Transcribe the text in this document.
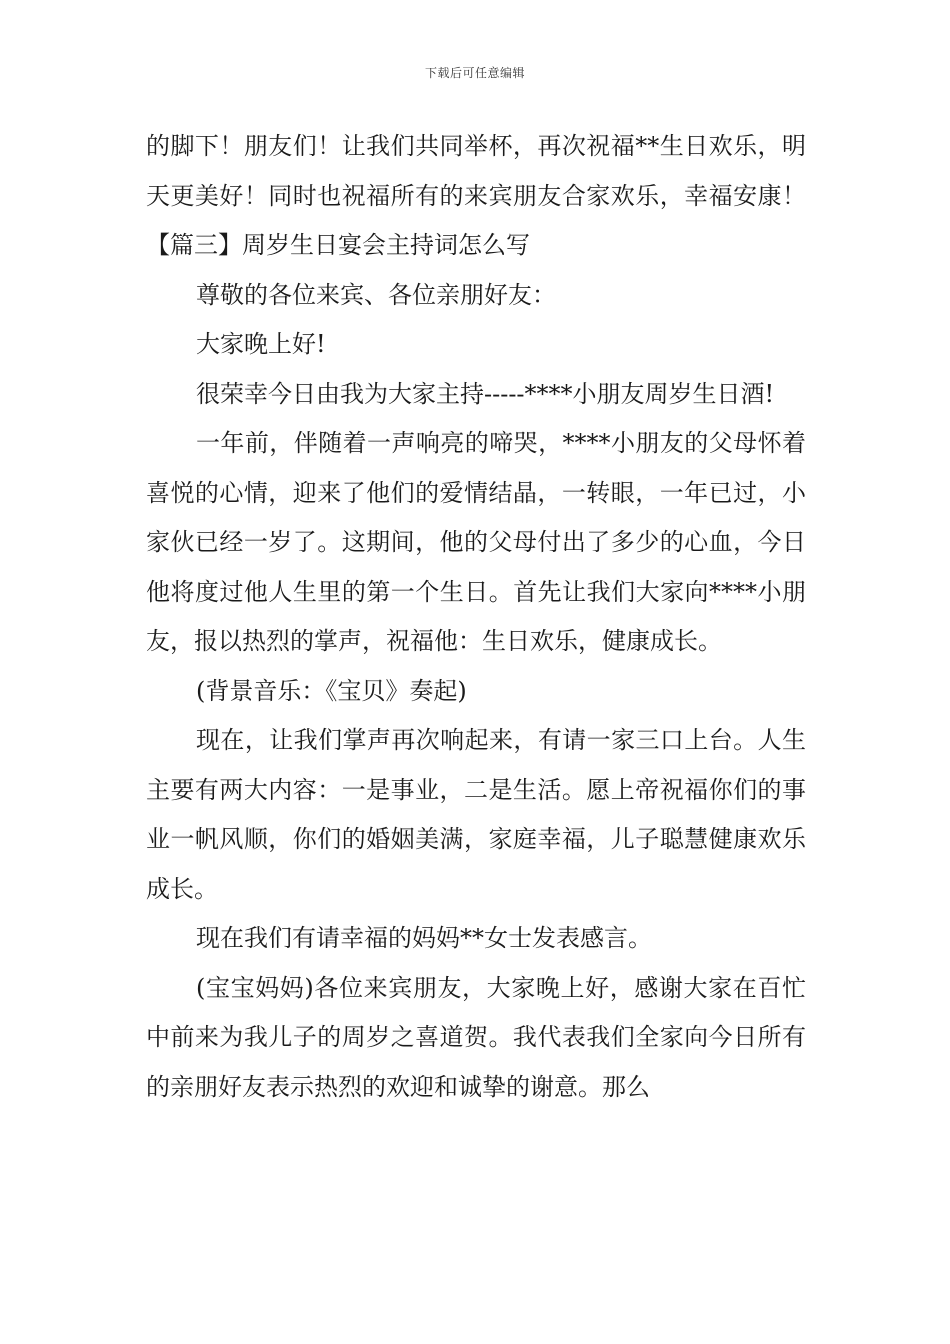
下载后可任意编辑

的脚下！朋友们！让我们共同举杯，再次祝福**生日欢乐，明天更美好！同时也祝福所有的来宾朋友合家欢乐，幸福安康！【篇三】周岁生日宴会主持词怎么写

尊敬的各位来宾、各位亲朋好友：

大家晚上好!

很荣幸今日由我为大家主持-----****小朋友周岁生日酒!

一年前，伴随着一声响亮的啼哭，****小朋友的父母怀着喜悦的心情，迎来了他们的爱情结晶，一转眼，一年已过，小家伙已经一岁了。这期间，他的父母付出了多少的心血，今日他将度过他人生里的第一个生日。首先让我们大家向****小朋友，报以热烈的掌声，祝福他：生日欢乐，健康成长。

(背景音乐：《宝贝》奏起)

现在，让我们掌声再次响起来，有请一家三口上台。人生主要有两大内容：一是事业，二是生活。愿上帝祝福你们的事业一帆风顺，你们的婚姻美满，家庭幸福，儿子聪慧健康欢乐成长。

现在我们有请幸福的妈妈**女士发表感言。

(宝宝妈妈)各位来宾朋友，大家晚上好，感谢大家在百忙中前来为我儿子的周岁之喜道贺。我代表我们全家向今日所有的亲朋好友表示热烈的欢迎和诚挚的谢意。那么
